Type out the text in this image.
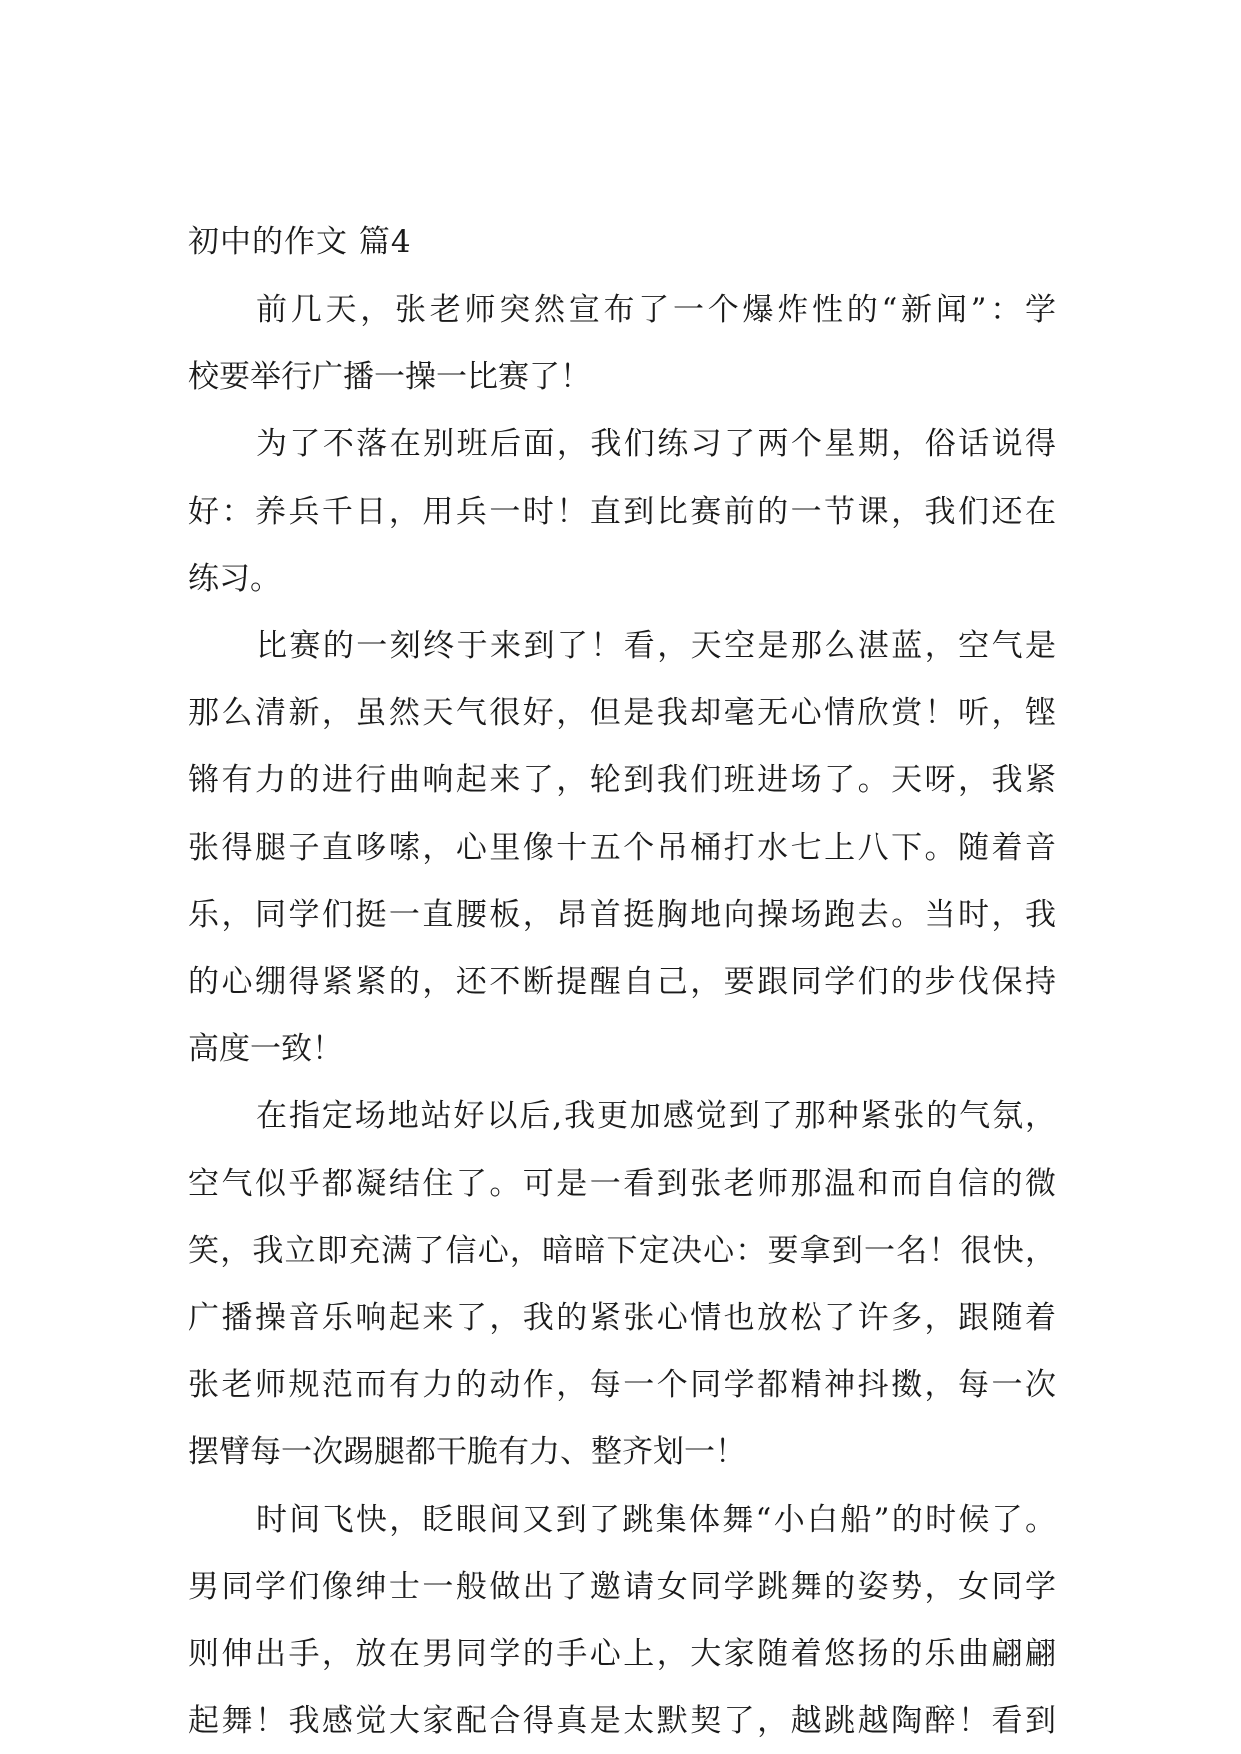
初中的作文 篇4
前几天，张老师突然宣布了一个爆炸性的“新闻”：学
校要举行广播一操一比赛了！
为了不落在别班后面，我们练习了两个星期，俗话说得
好：养兵千日，用兵一时！直到比赛前的一节课，我们还在
练习。
比赛的一刻终于来到了！看，天空是那么湛蓝，空气是
那么清新，虽然天气很好，但是我却毫无心情欣赏！听，铿
锵有力的进行曲响起来了，轮到我们班进场了。天呀，我紧
张得腿子直哆嗦，心里像十五个吊桶打水七上八下。随着音
乐，同学们挺一直腰板，昂首挺胸地向操场跑去。当时，我
的心绷得紧紧的，还不断提醒自己，要跟同学们的步伐保持
高度一致！
在指定场地站好以后,我更加感觉到了那种紧张的气氛，
空气似乎都凝结住了。可是一看到张老师那温和而自信的微
笑，我立即充满了信心，暗暗下定决心：要拿到一名！很快，
广播操音乐响起来了，我的紧张心情也放松了许多，跟随着
张老师规范而有力的动作，每一个同学都精神抖擞，每一次
摆臂每一次踢腿都干脆有力、整齐划一！
时间飞快，眨眼间又到了跳集体舞“小白船”的时候了。
男同学们像绅士一般做出了邀请女同学跳舞的姿势，女同学
则伸出手，放在男同学的手心上，大家随着悠扬的乐曲翩翩
起舞！我感觉大家配合得真是太默契了，越跳越陶醉！看到
